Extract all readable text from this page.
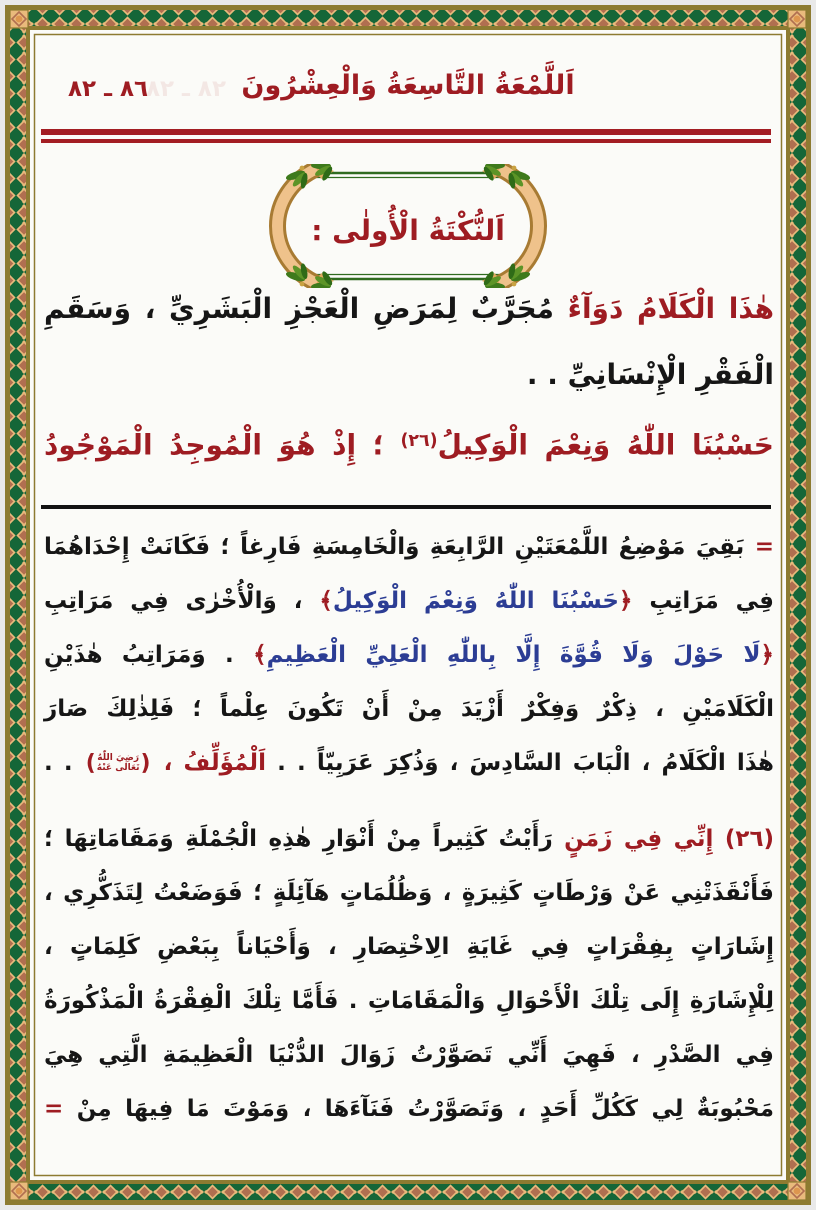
٨٢ ـ ٨٢ اَللَّمْعَةُ التَّاسِعَةُ وَالْعِشْرُونَ
٨٦ ـ ٨٢
اَلنُّكْتَةُ الْأُولٰى :
هٰذَا الْكَلَامُ دَوَآءٌ مُجَرَّبٌ لِمَرَضِ الْعَجْزِ الْبَشَرِيِّ ، وَسَقَمِ
الْفَقْرِ الْإِنْسَانِيِّ . .
حَسْبُنَا اللّٰهُ وَنِعْمَ الْوَكِيلُ$^{(٢٦)}$ ؛ إِذْ هُوَ الْمُوجِدُ الْمَوْجُودُ
= بَقِيَ مَوْضِعُ اللَّمْعَتَيْنِ الرَّابِعَةِ وَالْخَامِسَةِ فَارِغاً ؛ فَكَانَتْ إِحْدَاهُمَا
فِي مَرَاتِبِ ﴿حَسْبُنَا اللّٰهُ وَنِعْمَ الْوَكِيلُ﴾ ، وَالْأُخْرٰى فِي مَرَاتِبِ
﴿لَا حَوْلَ وَلَا قُوَّةَ إِلَّا بِاللّٰهِ الْعَلِيِّ الْعَظِيمِ﴾ . وَمَرَاتِبُ هٰذَيْنِ
الْكَلَامَيْنِ ، ذِكْرٌ وَفِكْرٌ أَزْيَدَ مِنْ أَنْ تَكُونَ عِلْماً ؛ فَلِذٰلِكَ صَارَ
هٰذَا الْكَلَامُ ، الْبَابَ السَّادِسَ ، وَذُكِرَ عَرَبِيّاً . . اَلْمُؤَلِّفُ ،
(
رَضِيَ اللّٰهُ
تَعَالٰى عَنْهُ
)
. .
(٢٦) إِنِّي فِي زَمَنٍ رَأَيْتُ كَثِيراً مِنْ أَنْوَارِ هٰذِهِ الْجُمْلَةِ وَمَقَامَاتِهَا ؛
فَأَنْقَذَتْنِي عَنْ وَرْطَاتٍ كَثِيرَةٍ ، وَظُلُمَاتٍ هَآئِلَةٍ ؛ فَوَضَعْتُ لِتَذَكُّرِي ،
إِشَارَاتٍ بِفِقْرَاتٍ فِي غَايَةِ الِاخْتِصَارِ ، وَأَحْيَاناً بِبَعْضِ كَلِمَاتٍ ،
لِلْإِشَارَةِ إِلَى تِلْكَ الْأَحْوَالِ وَالْمَقَامَاتِ . فَأَمَّا تِلْكَ الْفِقْرَةُ الْمَذْكُورَةُ
فِي الصَّدْرِ ، فَهِيَ أَنِّي تَصَوَّرْتُ زَوَالَ الدُّنْيَا الْعَظِيمَةِ الَّتِي هِيَ
مَحْبُوبَةٌ لِي كَكُلِّ أَحَدٍ ، وَتَصَوَّرْتُ فَنَآءَهَا ، وَمَوْتَ مَا فِيهَا مِنْ =
